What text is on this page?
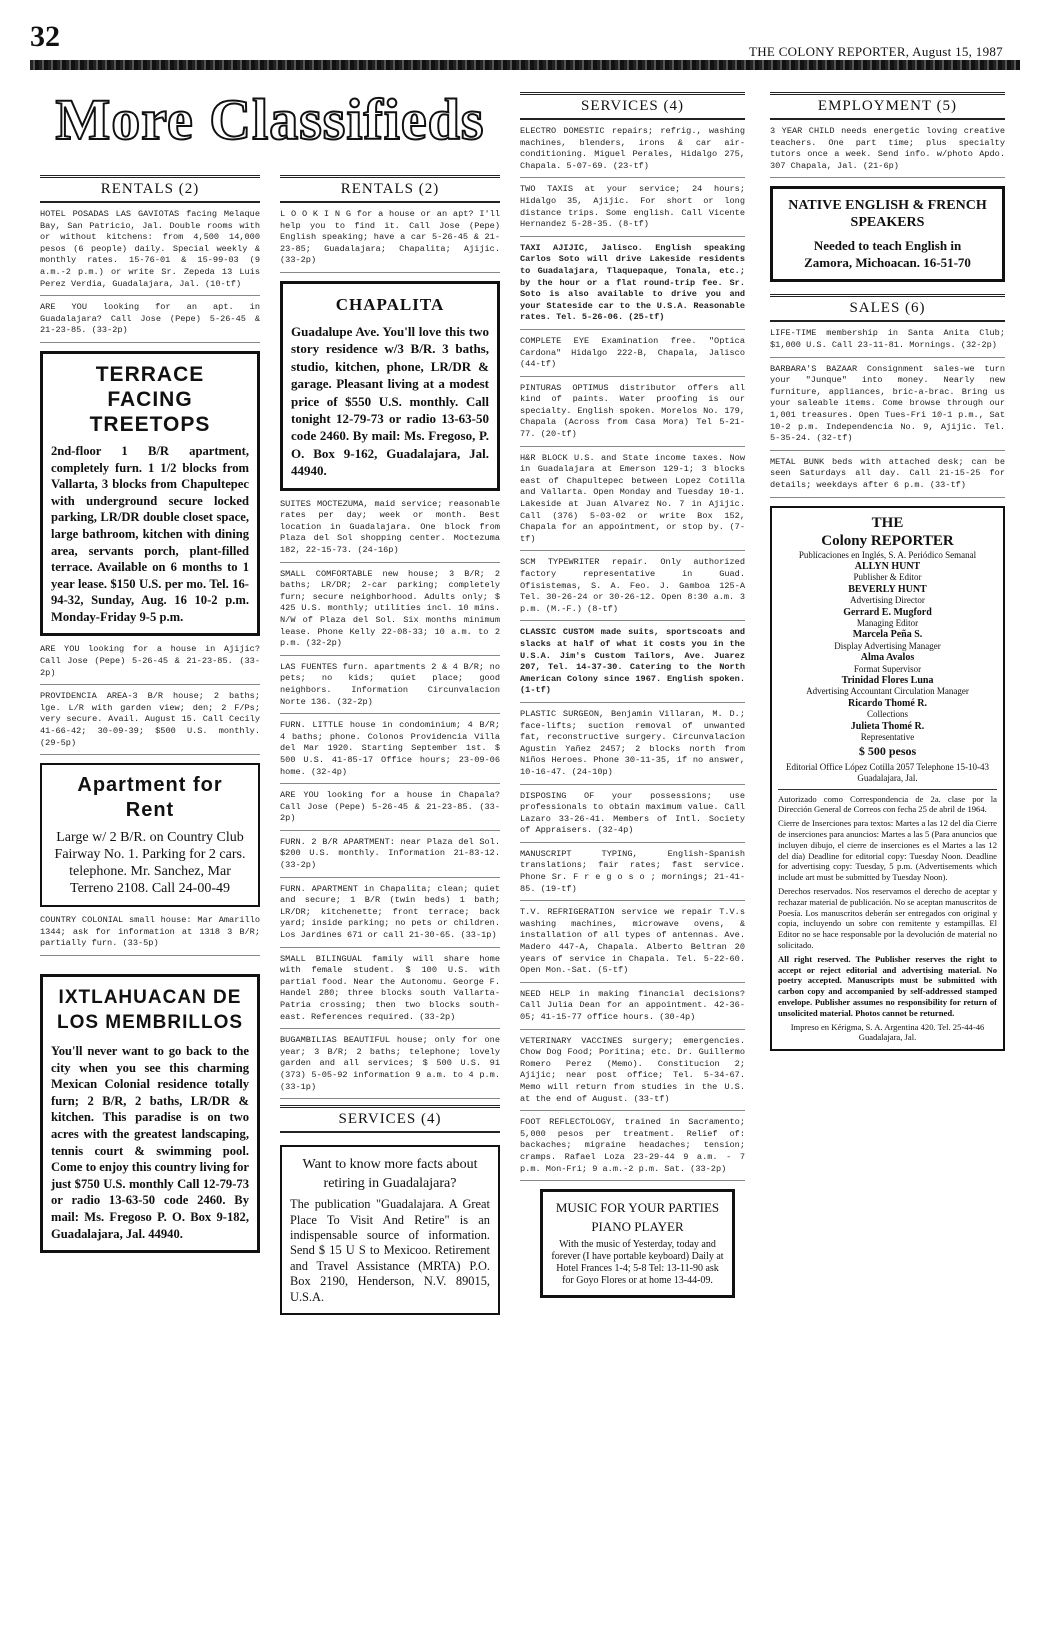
32	THE COLONY REPORTER, August 15, 1987
More Classifieds
RENTALS (2)
HOTEL POSADAS LAS GAVIOTAS facing Melaque Bay, San Patricio, Jal. Double rooms with or without kitchens: from 4,500 14,000 pesos (6 people) daily. Special weekly & monthly rates. 15-76-01 & 15-99-03 (9 a.m.-2 p.m.) or write Sr. Zepeda 13 Luis Perez Verdia, Guadalajara, Jal. (10-tf)
ARE YOU looking for an apt. in Guadalajara? Call Jose (Pepe) 5-26-45 & 21-23-85. (33-2p)
TERRACE FACING TREETOPS
2nd-floor 1 B/R apartment, completely furn. 1 1/2 blocks from Vallarta, 3 blocks from Chapultepec with underground secure locked parking, LR/DR double closet space, large bathroom, kitchen with dining area, servants porch, plant-filled terrace. Available on 6 months to 1 year lease. $150 U.S. per mo. Tel. 16-94-32, Sunday, Aug. 16 10-2 p.m. Monday-Friday 9-5 p.m.
ARE YOU looking for a house in Ajijic? Call Jose (Pepe) 5-26-45 & 21-23-85. (33-2p)
PROVIDENCIA AREA-3 B/R house; 2 baths; lge. L/R with garden view; den; 2 F/Ps; very secure. Avail. August 15. Call Cecily 41-66-42; 30-09-39; $500 U.S. monthly. (29-5p)
Apartment for Rent
Large w/ 2 B/R. on Country Club Fairway No. 1. Parking for 2 cars. telephone. Mr. Sanchez, Mar Terreno 2108. Call 24-00-49
COUNTRY COLONIAL small house: Mar Amarillo 1344; ask for information at 1318 3 B/R; partially furn. (33-5p)
IXTLAHUACAN DE LOS MEMBRILLOS
You'll never want to go back to the city when you see this charming Mexican Colonial residence totally furn; 2 B/R, 2 baths, LR/DR & kitchen. This paradise is on two acres with the greatest landscaping, tennis court & swimming pool. Come to enjoy this country living for just $750 U.S. monthly Call 12-79-73 or radio 13-63-50 code 2460. By mail: Ms. Fregoso P. O. Box 9-182, Guadalajara, Jal. 44940.
RENTALS (2)
L O O K I N G for a house or an apt? I'll help you to find it. Call Jose (Pepe) English speaking; have a car 5-26-45 & 21-23-85; Guadalajara; Chapalita; Ajijic. (33-2p)
CHAPALITA
Guadalupe Ave. You'll love this two story residence w/3 B/R. 3 baths, studio, kitchen, phone, LR/DR & garage. Pleasant living at a modest price of $550 U.S. monthly. Call tonight 12-79-73 or radio 13-63-50 code 2460. By mail: Ms. Fregoso, P. O. Box 9-162, Guadalajara, Jal. 44940.
SUITES MOCTEZUMA, maid service; reasonable rates per day; week or month. Best location in Guadalajara. One block from Plaza del Sol shopping center. Moctezuma 182, 22-15-73. (24-16p)
SMALL COMFORTABLE new house; 3 B/R; 2 baths; LR/DR; 2-car parking; completely furn; secure neighborhood. Adults only; $ 425 U.S. monthly; utilities incl. 10 mins. N/W of Plaza del Sol. Six months minimum lease. Phone Kelly 22-08-33; 10 a.m. to 2 p.m. (32-2p)
LAS FUENTES furn. apartments 2 & 4 B/R; no pets; no kids; quiet place; good neighbors. Information Circunvalacion Norte 136. (32-2p)
FURN. LITTLE house in condominium; 4 B/R; 4 baths; phone. Colonos Providencia Villa del Mar 1920. Starting September 1st. $ 500 U.S. 41-85-17 Office hours; 23-09-06 home. (32-4p)
ARE YOU looking for a house in Chapala? Call Jose (Pepe) 5-26-45 & 21-23-85. (33-2p)
FURN. 2 B/R APARTMENT: near Plaza del Sol. $200 U.S. monthly. Information 21-83-12. (33-2p)
FURN. APARTMENT in Chapalita; clean; quiet and secure; 1 B/R (twin beds) 1 bath; LR/DR; kitchenette; front terrace; back yard; inside parking; no pets or children. Los Jardines 671 or call 21-30-65. (33-1p)
SMALL BILINGUAL family will share home with female student. $ 100 U.S. with partial food. Near the Autonomu. George F. Handel 280; three blocks south Vallarta-Patria crossing; then two blocks south-east. References required. (33-2p)
BUGAMBILIAS BEAUTIFUL house; only for one year; 3 B/R; 2 baths; telephone; lovely garden and all services; $ 500 U.S. 91 (373) 5-05-92 information 9 a.m. to 4 p.m. (33-1p)
SERVICES (4)
Want to know more facts about retiring in Guadalajara?
The publication "Guadalajara. A Great Place To Visit And Retire" is an indispensable source of information. Send $ 15 U S to Mexicoo. Retirement and Travel Assistance (MRTA) P.O. Box 2190, Henderson, N.V. 89015, U.S.A.
SERVICES (4)
ELECTRO DOMESTIC repairs; refrig., washing machines, blenders, irons & car air-conditioning. Miguel Perales, Hidalgo 275, Chapala. 5-07-69. (23-tf)
TWO TAXIS at your service; 24 hours; Hidalgo 35, Ajijic. For short or long distance trips. Some english. Call Vicente Hernandez 5-28-35. (8-tf)
TAXI AJIJIC, Jalisco. English speaking Carlos Soto will drive Lakeside residents to Guadalajara, Tlaquepaque, Tonala, etc.; by the hour or a flat round-trip fee. Sr. Soto is also available to drive you and your Stateside car to the U.S.A. Reasonable rates. Tel. 5-26-06. (25-tf)
COMPLETE EYE Examination free. "Optica Cardona" Hidalgo 222-B, Chapala, Jalisco (44-tf)
PINTURAS OPTIMUS distributor offers all kind of paints. Water proofing is our specialty. English spoken. Morelos No. 179, Chapala (Across from Casa Mora) Tel 5-21-77. (20-tf)
H&R BLOCK U.S. and State income taxes. Now in Guadalajara at Emerson 129-1; 3 blocks east of Chapultepec between Lopez Cotilla and Vallarta. Open Monday and Tuesday 10-1. Lakeside at Juan Alvarez No. 7 in Ajijic. Call (376) 5-03-02 or write Box 152, Chapala for an appointment, or stop by. (7-tf)
SCM TYPEWRITER repair. Only authorized factory representative in Guad. Ofisistemas, S. A. Feo. J. Gamboa 125-A Tel. 30-26-24 or 30-26-12. Open 8:30 a.m. 3 p.m. (M.-F.) (8-tf)
CLASSIC CUSTOM made suits, sportscoats and slacks at half of what it costs you in the U.S.A. Jim's Custom Tailors, Ave. Juarez 207, Tel. 14-37-30. Catering to the North American Colony since 1967. English spoken. (1-tf)
PLASTIC SURGEON, Benjamin Villaran, M. D.; face-lifts; suction removal of unwanted fat, reconstructive surgery. Circunvalacion Agustin Yañez 2457; 2 blocks north from Niños Heroes. Phone 30-11-35, if no answer, 10-16-47. (24-10p)
DISPOSING OF your possessions; use professionals to obtain maximum value. Call Lazaro 33-26-41. Members of Intl. Society of Appraisers. (32-4p)
MANUSCRIPT TYPING, English-Spanish translations; fair rates; fast service. Phone Sr. F r e g o s o ; mornings; 21-41-85. (19-tf)
T.V. REFRIGERATION service we repair T.V.s washing machines, microwave ovens, & installation of all types of antennas. Ave. Madero 447-A, Chapala. Alberto Beltran 20 years of service in Chapala. Tel. 5-22-60. Open Mon.-Sat. (5-tf)
NEED HELP in making financial decisions? Call Julia Dean for an appointment. 42-36-05; 41-15-77 office hours. (30-4p)
VETERINARY VACCINES surgery; emergencies. Chow Dog Food; Poritina; etc. Dr. Guillermo Romero Perez (Memo). Constitucion 2; Ajijic; near post office; Tel. 5-34-67. Memo will return from studies in the U.S. at the end of August. (33-tf)
FOOT REFLECTOLOGY, trained in Sacramento; 5,000 pesos per treatment. Relief of: backaches; migraine headaches; tension; cramps. Rafael Loza 23-29-44 9 a.m. - 7 p.m. Mon-Fri; 9 a.m.-2 p.m. Sat. (33-2p)
MUSIC FOR YOUR PARTIES
PIANO PLAYER
With the music of Yesterday, today and forever (I have portable keyboard) Daily at Hotel Frances 1-4; 5-8 Tel: 13-11-90 ask for Goyo Flores or at home 13-44-09.
EMPLOYMENT (5)
3 YEAR CHILD needs energetic loving creative teachers. One part time; plus specialty tutors once a week. Send info. w/photo Apdo. 307 Chapala, Jal. (21-6p)
NATIVE ENGLISH & FRENCH SPEAKERS
Needed to teach English in Zamora, Michoacan. 16-51-70
SALES (6)
LIFE-TIME membership in Santa Anita Club; $1,000 U.S. Call 23-11-81. Mornings. (32-2p)
BARBARA'S BAZAAR Consignment sales-we turn your "Junque" into money. Nearly new furniture, appliances, bric-a-brac. Bring us your saleable items. Come browse through our 1,001 treasures. Open Tues-Fri 10-1 p.m., Sat 10-2 p.m. Independencia No. 9, Ajijic. Tel. 5-35-24. (32-tf)
METAL BUNK beds with attached desk; can be seen Saturdays all day. Call 21-15-25 for details; weekdays after 6 p.m. (33-tf)
THE
Colony REPORTER
Publicaciones en Inglés, S. A. Periódico Semanal
ALLYN HUNT
Publisher & Editor
BEVERLY HUNT
Advertising Director
Gerrard E. Mugford
Managing Editor
Marcela Peña S.
Display Advertising Manager
Alma Avalos
Format Supervisor
Trinidad Flores Luna
Advertising Accountant Circulation Manager
Ricardo Thomé R.
Collections
Julieta Thomé R.
Representative
$ 500 pesos
Editorial Office López Cotilla 2057 Telephone 15-10-43 Guadalajara, Jal.
Autorizado como Correspondencia de 2a. clase por la Dirección General de Correos con fecha 25 de abril de 1964.
Cierre de Inserciones para textos: Martes a las 12 del día Cierre de inserciones para anuncios: Martes a las 5 (Para anuncios que incluyen dibujo, el cierre de inserciones es el Martes a las 12 del día) Deadline for editorial copy: Tuesday Noon. Deadline for advertising copy: Tuesday, 5 p.m. (Advertisements which include art must be submitted by Tuesday Noon).
Derechos reservados. Nos reservamos el derecho de aceptar y rechazar material de publicación. No se aceptan manuscritos de Poesía. Los manuscritos deberán ser entregados con original y copia, incluyendo un sobre con remitente y estampillas. El Editor no se hace responsable por la devolución de material no solicitado.
All right reserved. The Publisher reserves the right to accept or reject editorial and advertising material. No poetry accepted. Manuscripts must be submitted with carbon copy and accompanied by self-addressed stamped envelope. Publisher assumes no responsibility for return of unsolicited material. Photos cannot be returned.
Impreso en Kérigma, S. A. Argentina 420. Tel. 25-44-46 Guadalajara, Jal.
